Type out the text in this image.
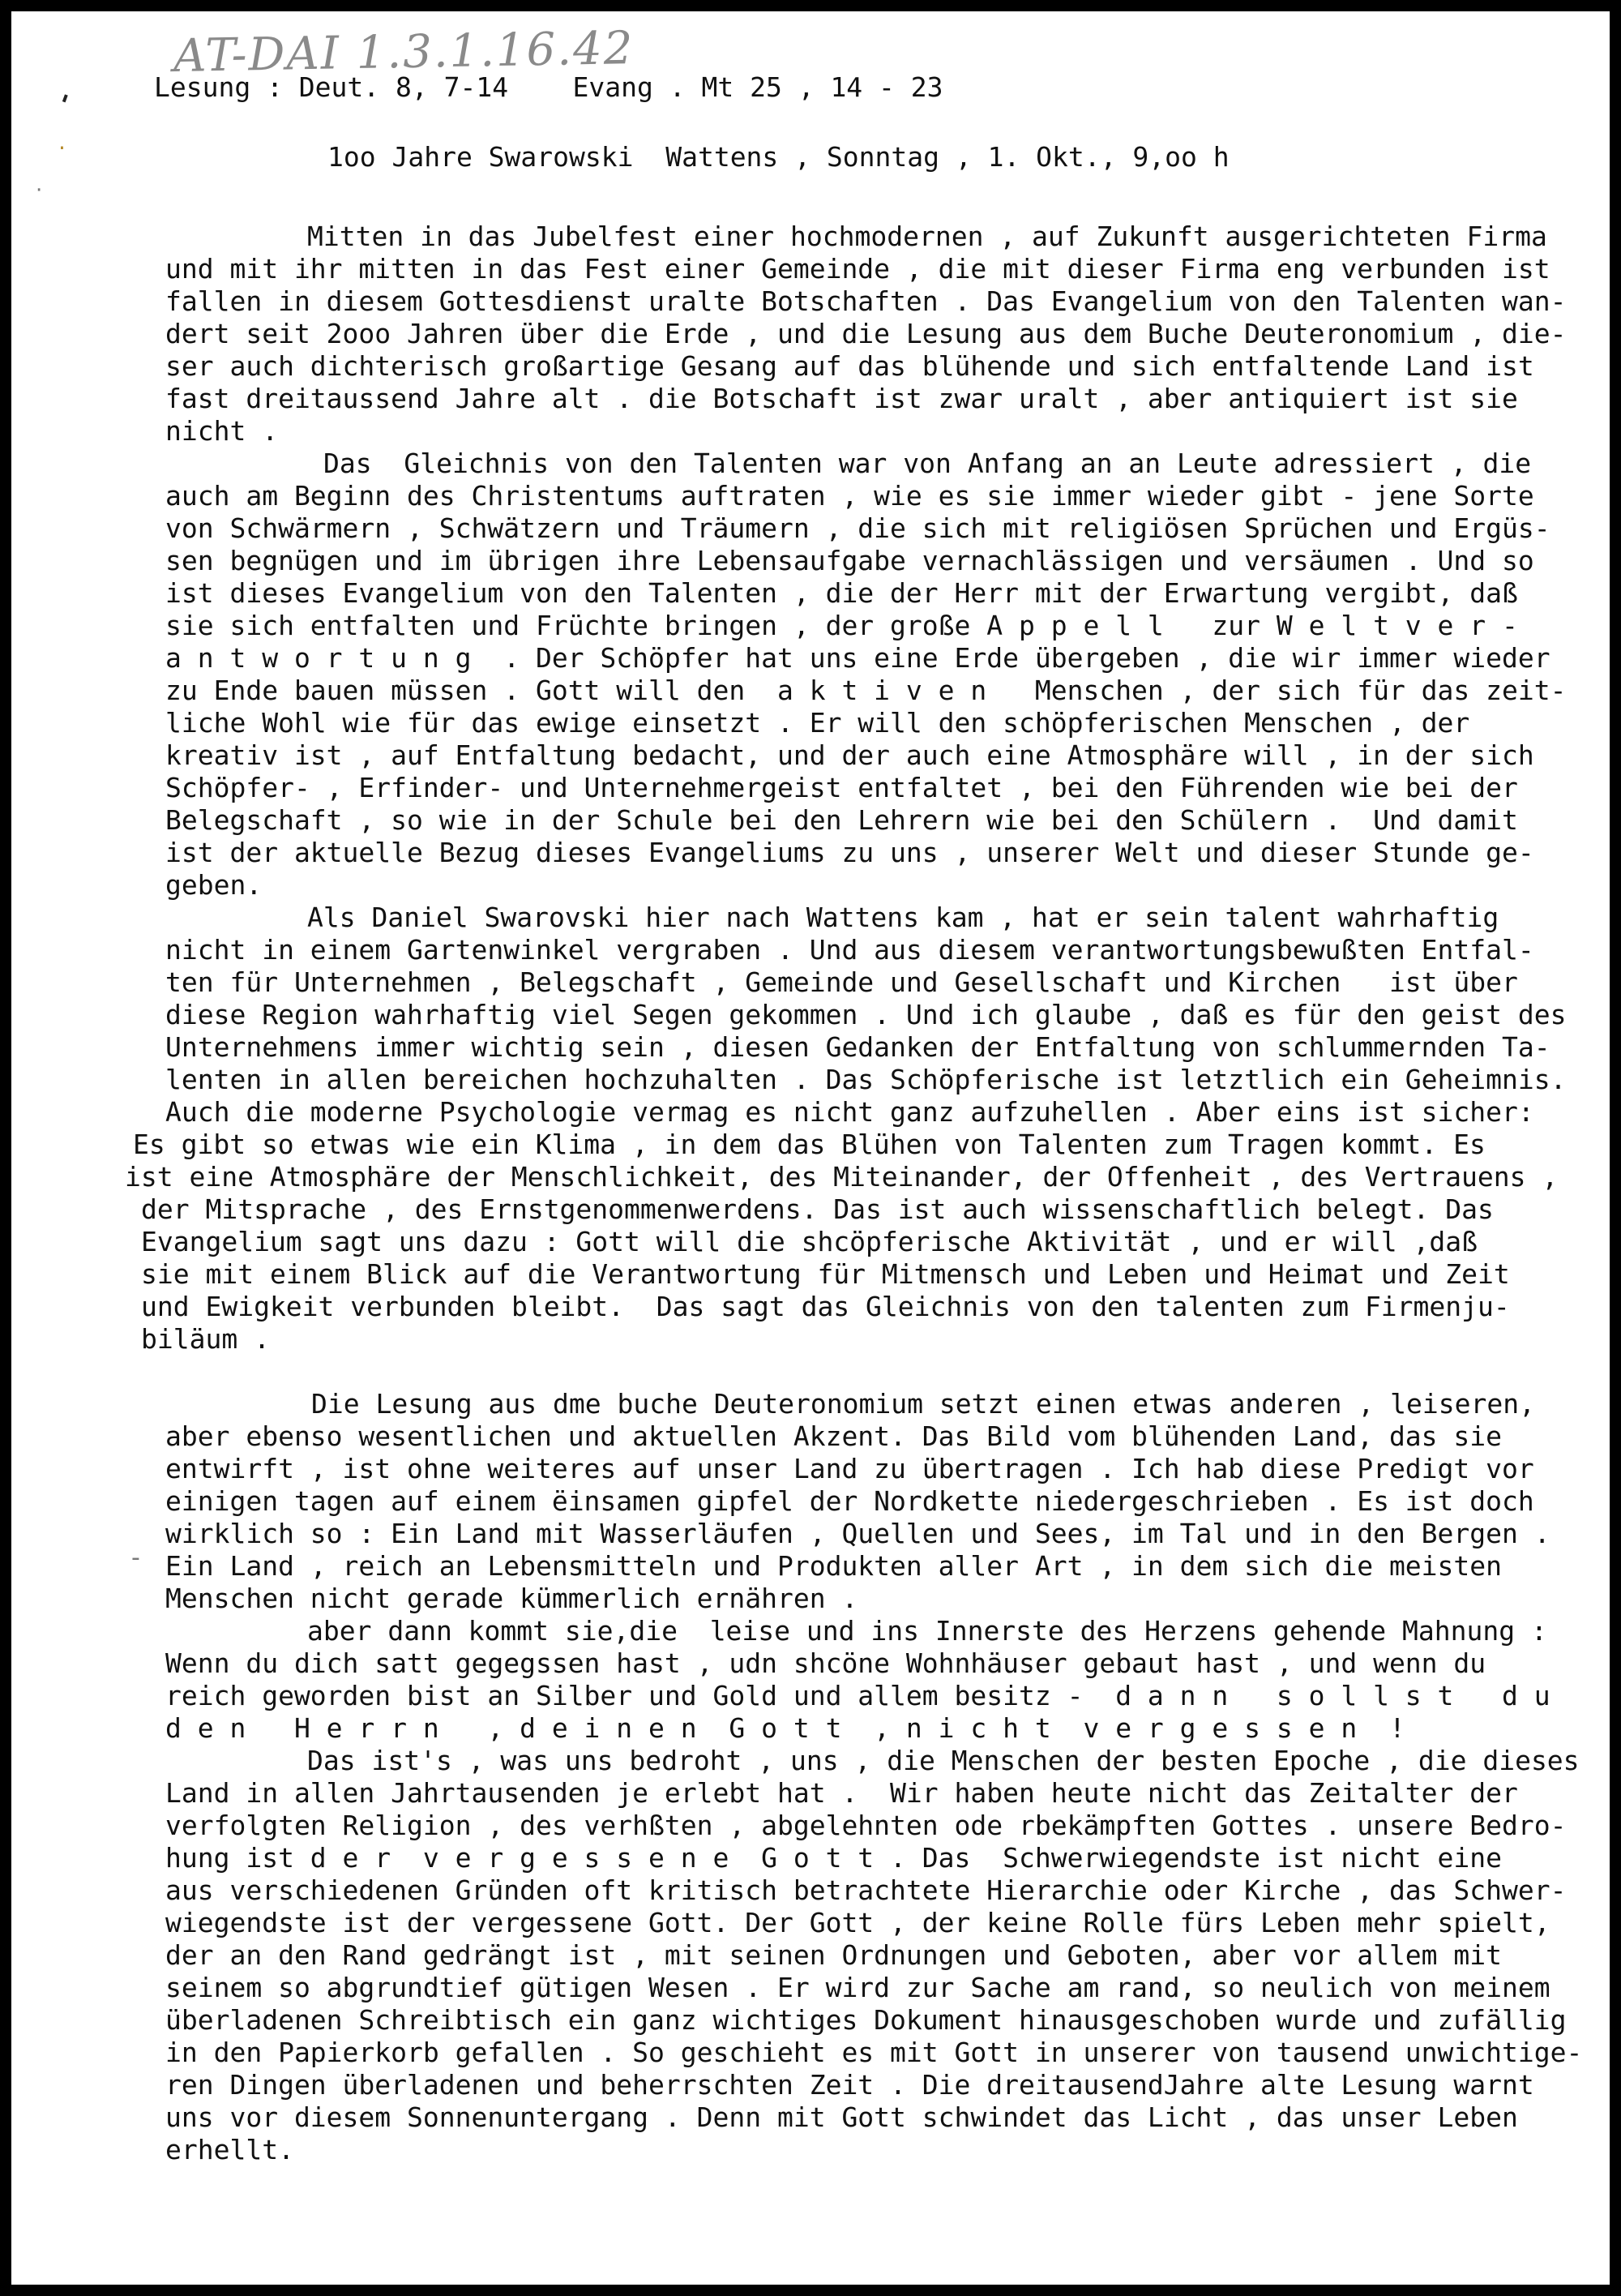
AT-DAI 1.3.1.16.42
'
·
·
-
Lesung : Deut. 8, 7-14    Evang . Mt 25 , 14 - 23
1oo Jahre Swarowski  Wattens , Sonntag , 1. Okt., 9,oo h
Mitten in das Jubelfest einer hochmodernen , auf Zukunft ausgerichteten Firma
und mit ihr mitten in das Fest einer Gemeinde , die mit dieser Firma eng verbunden ist
fallen in diesem Gottesdienst uralte Botschaften . Das Evangelium von den Talenten wan-
dert seit 2ooo Jahren über die Erde , und die Lesung aus dem Buche Deuteronomium , die-
ser auch dichterisch großartige Gesang auf das blühende und sich entfaltende Land ist
fast dreitaussend Jahre alt . die Botschaft ist zwar uralt , aber antiquiert ist sie
nicht .
Das  Gleichnis von den Talenten war von Anfang an an Leute adressiert , die
auch am Beginn des Christentums auftraten , wie es sie immer wieder gibt - jene Sorte
von Schwärmern , Schwätzern und Träumern , die sich mit religiösen Sprüchen und Ergüs-
sen begnügen und im übrigen ihre Lebensaufgabe vernachlässigen und versäumen . Und so
ist dieses Evangelium von den Talenten , die der Herr mit der Erwartung vergibt, daß
sie sich entfalten und Früchte bringen , der große A p p e l l   zur W e l t v e r -
a n t w o r t u n g  . Der Schöpfer hat uns eine Erde übergeben , die wir immer wieder
zu Ende bauen müssen . Gott will den  a k t i v e n   Menschen , der sich für das zeit-
liche Wohl wie für das ewige einsetzt . Er will den schöpferischen Menschen , der
kreativ ist , auf Entfaltung bedacht, und der auch eine Atmosphäre will , in der sich
Schöpfer- , Erfinder- und Unternehmergeist entfaltet , bei den Führenden wie bei der
Belegschaft , so wie in der Schule bei den Lehrern wie bei den Schülern .  Und damit
ist der aktuelle Bezug dieses Evangeliums zu uns , unserer Welt und dieser Stunde ge-
geben.
Als Daniel Swarovski hier nach Wattens kam , hat er sein talent wahrhaftig
nicht in einem Gartenwinkel vergraben . Und aus diesem verantwortungsbewußten Entfal-
ten für Unternehmen , Belegschaft , Gemeinde und Gesellschaft und Kirchen   ist über
diese Region wahrhaftig viel Segen gekommen . Und ich glaube , daß es für den geist des
Unternehmens immer wichtig sein , diesen Gedanken der Entfaltung von schlummernden Ta-
lenten in allen bereichen hochzuhalten . Das Schöpferische ist letztlich ein Geheimnis.
Auch die moderne Psychologie vermag es nicht ganz aufzuhellen . Aber eins ist sicher:
Es gibt so etwas wie ein Klima , in dem das Blühen von Talenten zum Tragen kommt. Es
ist eine Atmosphäre der Menschlichkeit, des Miteinander, der Offenheit , des Vertrauens ,
der Mitsprache , des Ernstgenommenwerdens. Das ist auch wissenschaftlich belegt. Das
Evangelium sagt uns dazu : Gott will die shcöpferische Aktivität , und er will ,daß
sie mit einem Blick auf die Verantwortung für Mitmensch und Leben und Heimat und Zeit
und Ewigkeit verbunden bleibt.  Das sagt das Gleichnis von den talenten zum Firmenju-
biläum .
Die Lesung aus dme buche Deuteronomium setzt einen etwas anderen , leiseren,
aber ebenso wesentlichen und aktuellen Akzent. Das Bild vom blühenden Land, das sie
entwirft , ist ohne weiteres auf unser Land zu übertragen . Ich hab diese Predigt vor
einigen tagen auf einem ëinsamen gipfel der Nordkette niedergeschrieben . Es ist doch
wirklich so : Ein Land mit Wasserläufen , Quellen und Sees, im Tal und in den Bergen .
Ein Land , reich an Lebensmitteln und Produkten aller Art , in dem sich die meisten
Menschen nicht gerade kümmerlich ernähren .
aber dann kommt sie,die  leise und ins Innerste des Herzens gehende Mahnung :
Wenn du dich satt gegegssen hast , udn shcöne Wohnhäuser gebaut hast , und wenn du
reich geworden bist an Silber und Gold und allem besitz -  d a n n   s o l l s t   d u
d e n   H e r r n   , d e i n e n  G o t t  , n i c h t  v e r g e s s e n  !
Das ist's , was uns bedroht , uns , die Menschen der besten Epoche , die dieses
Land in allen Jahrtausenden je erlebt hat .  Wir haben heute nicht das Zeitalter der
verfolgten Religion , des verhßten , abgelehnten ode rbekämpften Gottes . unsere Bedro-
hung ist d e r  v e r g e s s e n e  G o t t . Das  Schwerwiegendste ist nicht eine
aus verschiedenen Gründen oft kritisch betrachtete Hierarchie oder Kirche , das Schwer-
wiegendste ist der vergessene Gott. Der Gott , der keine Rolle fürs Leben mehr spielt,
der an den Rand gedrängt ist , mit seinen Ordnungen und Geboten, aber vor allem mit
seinem so abgrundtief gütigen Wesen . Er wird zur Sache am rand, so neulich von meinem
überladenen Schreibtisch ein ganz wichtiges Dokument hinausgeschoben wurde und zufällig
in den Papierkorb gefallen . So geschieht es mit Gott in unserer von tausend unwichtige-
ren Dingen überladenen und beherrschten Zeit . Die dreitausendJahre alte Lesung warnt
uns vor diesem Sonnenuntergang . Denn mit Gott schwindet das Licht , das unser Leben
erhellt.
